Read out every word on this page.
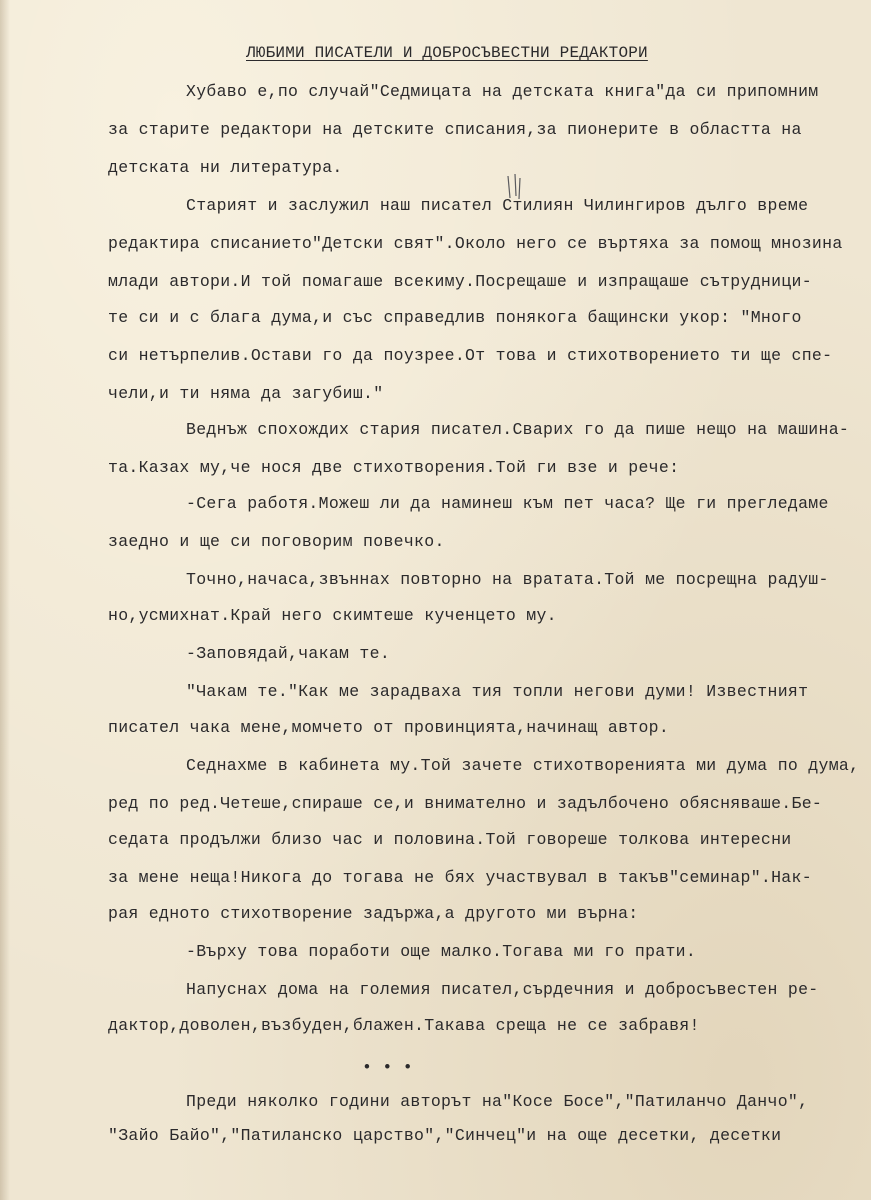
ЛЮБИМИ ПИСАТЕЛИ И ДОБРОСЪВЕСТНИ РЕДАКТОРИ

Хубаво е,по случай"Седмицата на детската книга"да си припомним

за старите редактори на детските списания,за пионерите в областта на

детската ни литература.

Старият и заслужил наш писател Стилиян Чилингиров дълго време

редактира списанието"Детски свят".Около него се въртяха за помощ мнозина

млади автори.И той помагаше всекиму.Посрещаше и изпращаше сътрудници-

те си и с блага дума,и със справедлив понякога бащински укор: "Много

си нетърпелив.Остави го да поузрее.От това и стихотворението ти ще спе-

чели,и ти няма да загубиш."

Веднъж спохождих стария писател.Сварих го да пише нещо на машина-

та.Казах му,че нося две стихотворения.Той ги взе и рече:

-Сега работя.Можеш ли да наминеш към пет часа? Ще ги прегледаме

заедно и ще си поговорим повечко.

Точно,начаса,звъннах повторно на вратата.Той ме посрещна радуш-

но,усмихнат.Край него скимтеше кученцето му.

-Заповядай,чакам те.

"Чакам те."Как ме зарадваха тия топли негови думи! Известният

писател чака мене,момчето от провинцията,начинащ автор.

Седнахме в кабинета му.Той зачете стихотворенията ми дума по дума,

ред по ред.Четеше,спираше се,и внимателно и задълбочено обясняваше.Бе-

седата продължи близо час и половина.Той говореше толкова интересни

за мене неща!Никога до тогава не бях участвувал в такъв"семинар".Нак-

рая едното стихотворение задържа,а другото ми върна:

-Върху това поработи още малко.Тогава ми го прати.

Напуснах дома на големия писател,сърдечния и добросъвестен ре-

дактор,доволен,възбуден,блажен.Такава среща не се забравя!

• • •

Преди няколко години авторът на"Косе Босе","Патиланчо Данчо",

"Зайо Байо","Патиланско царство","Синчец"и на още десетки, десетки
